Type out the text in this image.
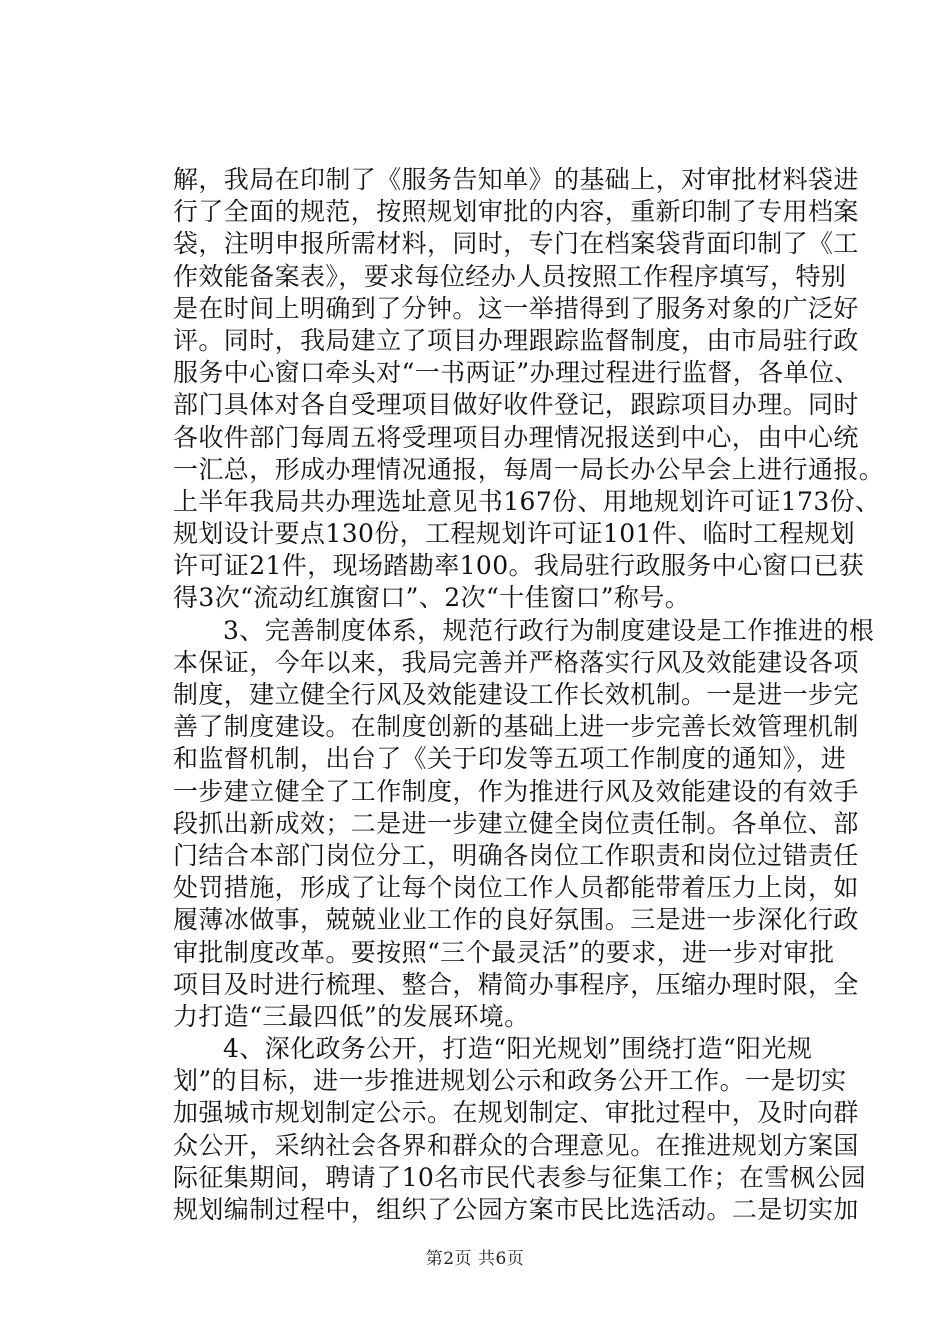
解，我局在印制了《服务告知单》的基础上，对审批材料袋进
行了全面的规范，按照规划审批的内容，重新印制了专用档案
袋，注明申报所需材料，同时，专门在档案袋背面印制了《工
作效能备案表》，要求每位经办人员按照工作程序填写，特别
是在时间上明确到了分钟。这一举措得到了服务对象的广泛好
评。同时，我局建立了项目办理跟踪监督制度，由市局驻行政
服务中心窗口牵头对“一书两证”办理过程进行监督，各单位、
部门具体对各自受理项目做好收件登记，跟踪项目办理。同时
各收件部门每周五将受理项目办理情况报送到中心，由中心统
一汇总，形成办理情况通报，每周一局长办公早会上进行通报。
上半年我局共办理选址意见书167份、用地规划许可证173份、
规划设计要点130份，工程规划许可证101件、临时工程规划
许可证21件，现场踏勘率100。我局驻行政服务中心窗口已获
得3次“流动红旗窗口”、2次“十佳窗口”称号。
3、完善制度体系，规范行政行为制度建设是工作推进的根
本保证，今年以来，我局完善并严格落实行风及效能建设各项
制度，建立健全行风及效能建设工作长效机制。一是进一步完
善了制度建设。在制度创新的基础上进一步完善长效管理机制
和监督机制，出台了《关于印发等五项工作制度的通知》，进
一步建立健全了工作制度，作为推进行风及效能建设的有效手
段抓出新成效；二是进一步建立健全岗位责任制。各单位、部
门结合本部门岗位分工，明确各岗位工作职责和岗位过错责任
处罚措施，形成了让每个岗位工作人员都能带着压力上岗，如
履薄冰做事，兢兢业业工作的良好氛围。三是进一步深化行政
审批制度改革。要按照“三个最灵活”的要求，进一步对审批
项目及时进行梳理、整合，精简办事程序，压缩办理时限，全
力打造“三最四低”的发展环境。
4、深化政务公开，打造“阳光规划”围绕打造“阳光规
划”的目标，进一步推进规划公示和政务公开工作。一是切实
加强城市规划制定公示。在规划制定、审批过程中，及时向群
众公开，采纳社会各界和群众的合理意见。在推进规划方案国
际征集期间，聘请了10名市民代表参与征集工作；在雪枫公园
规划编制过程中，组织了公园方案市民比选活动。二是切实加
第2页 共6页
